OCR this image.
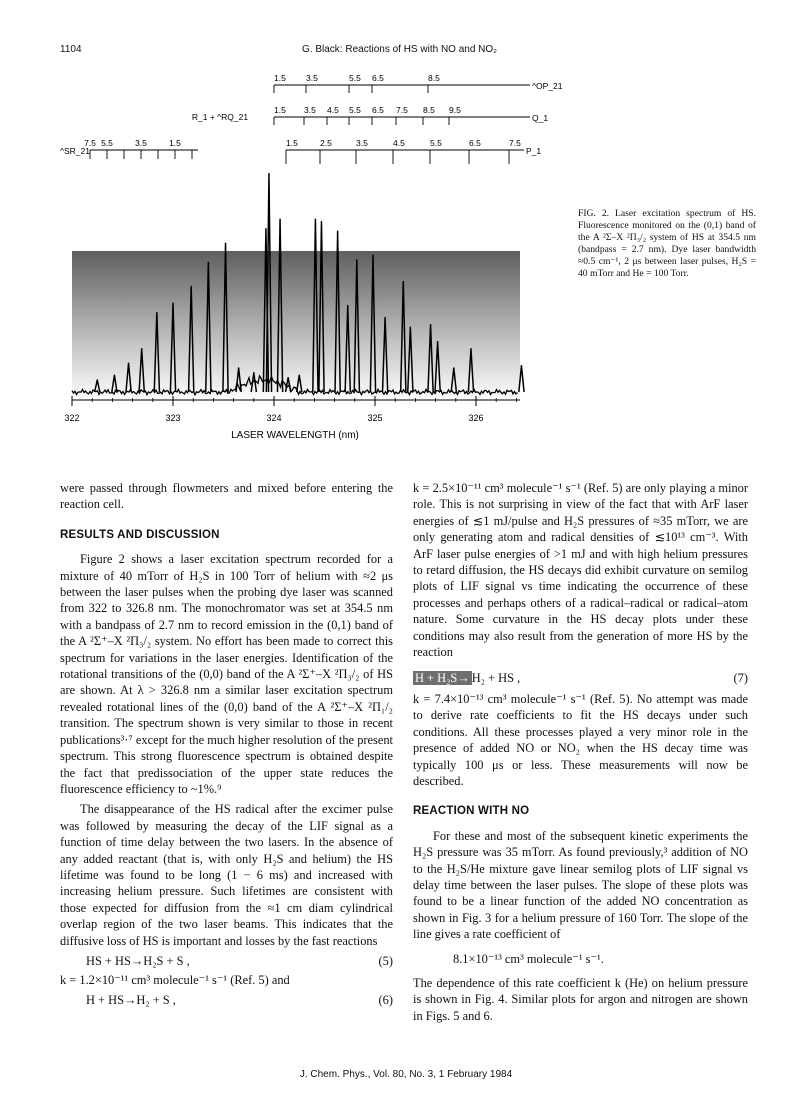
1104	G. Black: Reactions of HS with NO and NO₂
1.5 3.5	5.5 6.5	8.5
^OP_21
1.5 3.5 4.5 5.5 6.5 7.5 8.5 9.5
Q_1
1.5	2.5	3.5	4.5	5.5	6.5	7.5
P_1
7.5 5.5	3.5	1.5
^SR_21
R_1 + ^RQ_21
322	323	324	325	326
LASER WAVELENGTH (nm)
FIG. 2. Laser excitation spectrum of HS. Fluorescence monitored on the (0,1) band of the A ²Σ–X ²Π₃/₂ system of HS at 354.5 nm (bandpass = 2.7 nm). Dye laser bandwidth ≈0.5 cm⁻¹, 2 μs between laser pulses, H₂S = 40 mTorr and He = 100 Torr.

were passed through flowmeters and mixed before entering the reaction cell.

RESULTS AND DISCUSSION

Figure 2 shows a laser excitation spectrum recorded for a mixture of 40 mTorr of H₂S in 100 Torr of helium with ≈2 μs between the laser pulses when the probing dye laser was scanned from 322 to 326.8 nm. The monochromator was set at 354.5 nm with a bandpass of 2.7 nm to record emission in the (0,1) band of the A ²Σ⁺–X ²Π₃/₂ system. No effort has been made to correct this spectrum for variations in the laser energies. Identification of the rotational transitions of the (0,0) band of the A ²Σ⁺–X ²Π₃/₂ of HS are shown. At λ > 326.8 nm a similar laser excitation spectrum revealed rotational lines of the (0,0) band of the A ²Σ⁺–X ²Π₁/₂ transition. The spectrum shown is very similar to those in recent publications³·⁷ except for the much higher resolution of the present spectrum. This strong fluorescence spectrum is obtained despite the fact that predissociation of the upper state reduces the fluorescence efficiency to ~1%.⁹

The disappearance of the HS radical after the excimer pulse was followed by measuring the decay of the LIF signal as a function of time delay between the two lasers. In the absence of any added reactant (that is, with only H₂S and helium) the HS lifetime was found to be long (1 − 6 ms) and increased with increasing helium pressure. Such lifetimes are consistent with those expected for diffusion from the ≈1 cm diam cylindrical overlap region of the two laser beams. This indicates that the diffusive loss of HS is important and losses by the fast reactions

HS + HS→H₂S + S ,	(5)
k = 1.2×10⁻¹¹ cm³ molecule⁻¹ s⁻¹ (Ref. 5) and
H + HS→H₂ + S ,	(6)

k = 2.5×10⁻¹¹ cm³ molecule⁻¹ s⁻¹ (Ref. 5) are only playing a minor role. This is not surprising in view of the fact that with ArF laser energies of ≲1 mJ/pulse and H₂S pressures of ≈35 mTorr, we are only generating atom and radical densities of ≲10¹³ cm⁻³. With ArF laser pulse energies of >1 mJ and with high helium pressures to retard diffusion, the HS decays did exhibit curvature on semilog plots of LIF signal vs time indicating the occurrence of these processes and perhaps others of a radical–radical or radical–atom nature. Some curvature in the HS decay plots under these conditions may also result from the generation of more HS by the reaction

H + H₂S→ H₂ + HS ,	(7)

k = 7.4×10⁻¹³ cm³ molecule⁻¹ s⁻¹ (Ref. 5). No attempt was made to derive rate coefficients to fit the HS decays under such conditions. All these processes played a very minor role in the presence of added NO or NO₂ when the HS decay time was typically 100 μs or less. These measurements will now be described.

REACTION WITH NO

For these and most of the subsequent kinetic experiments the H₂S pressure was 35 mTorr. As found previously,³ addition of NO to the H₂S/He mixture gave linear semilog plots of LIF signal vs delay time between the laser pulses. The slope of these plots was found to be a linear function of the added NO concentration as shown in Fig. 3 for a helium pressure of 160 Torr. The slope of the line gives a rate coefficient of

8.1×10⁻¹³ cm³ molecule⁻¹ s⁻¹.

The dependence of this rate coefficient k (He) on helium pressure is shown in Fig. 4. Similar plots for argon and nitrogen are shown in Figs. 5 and 6.

J. Chem. Phys., Vol. 80, No. 3, 1 February 1984
